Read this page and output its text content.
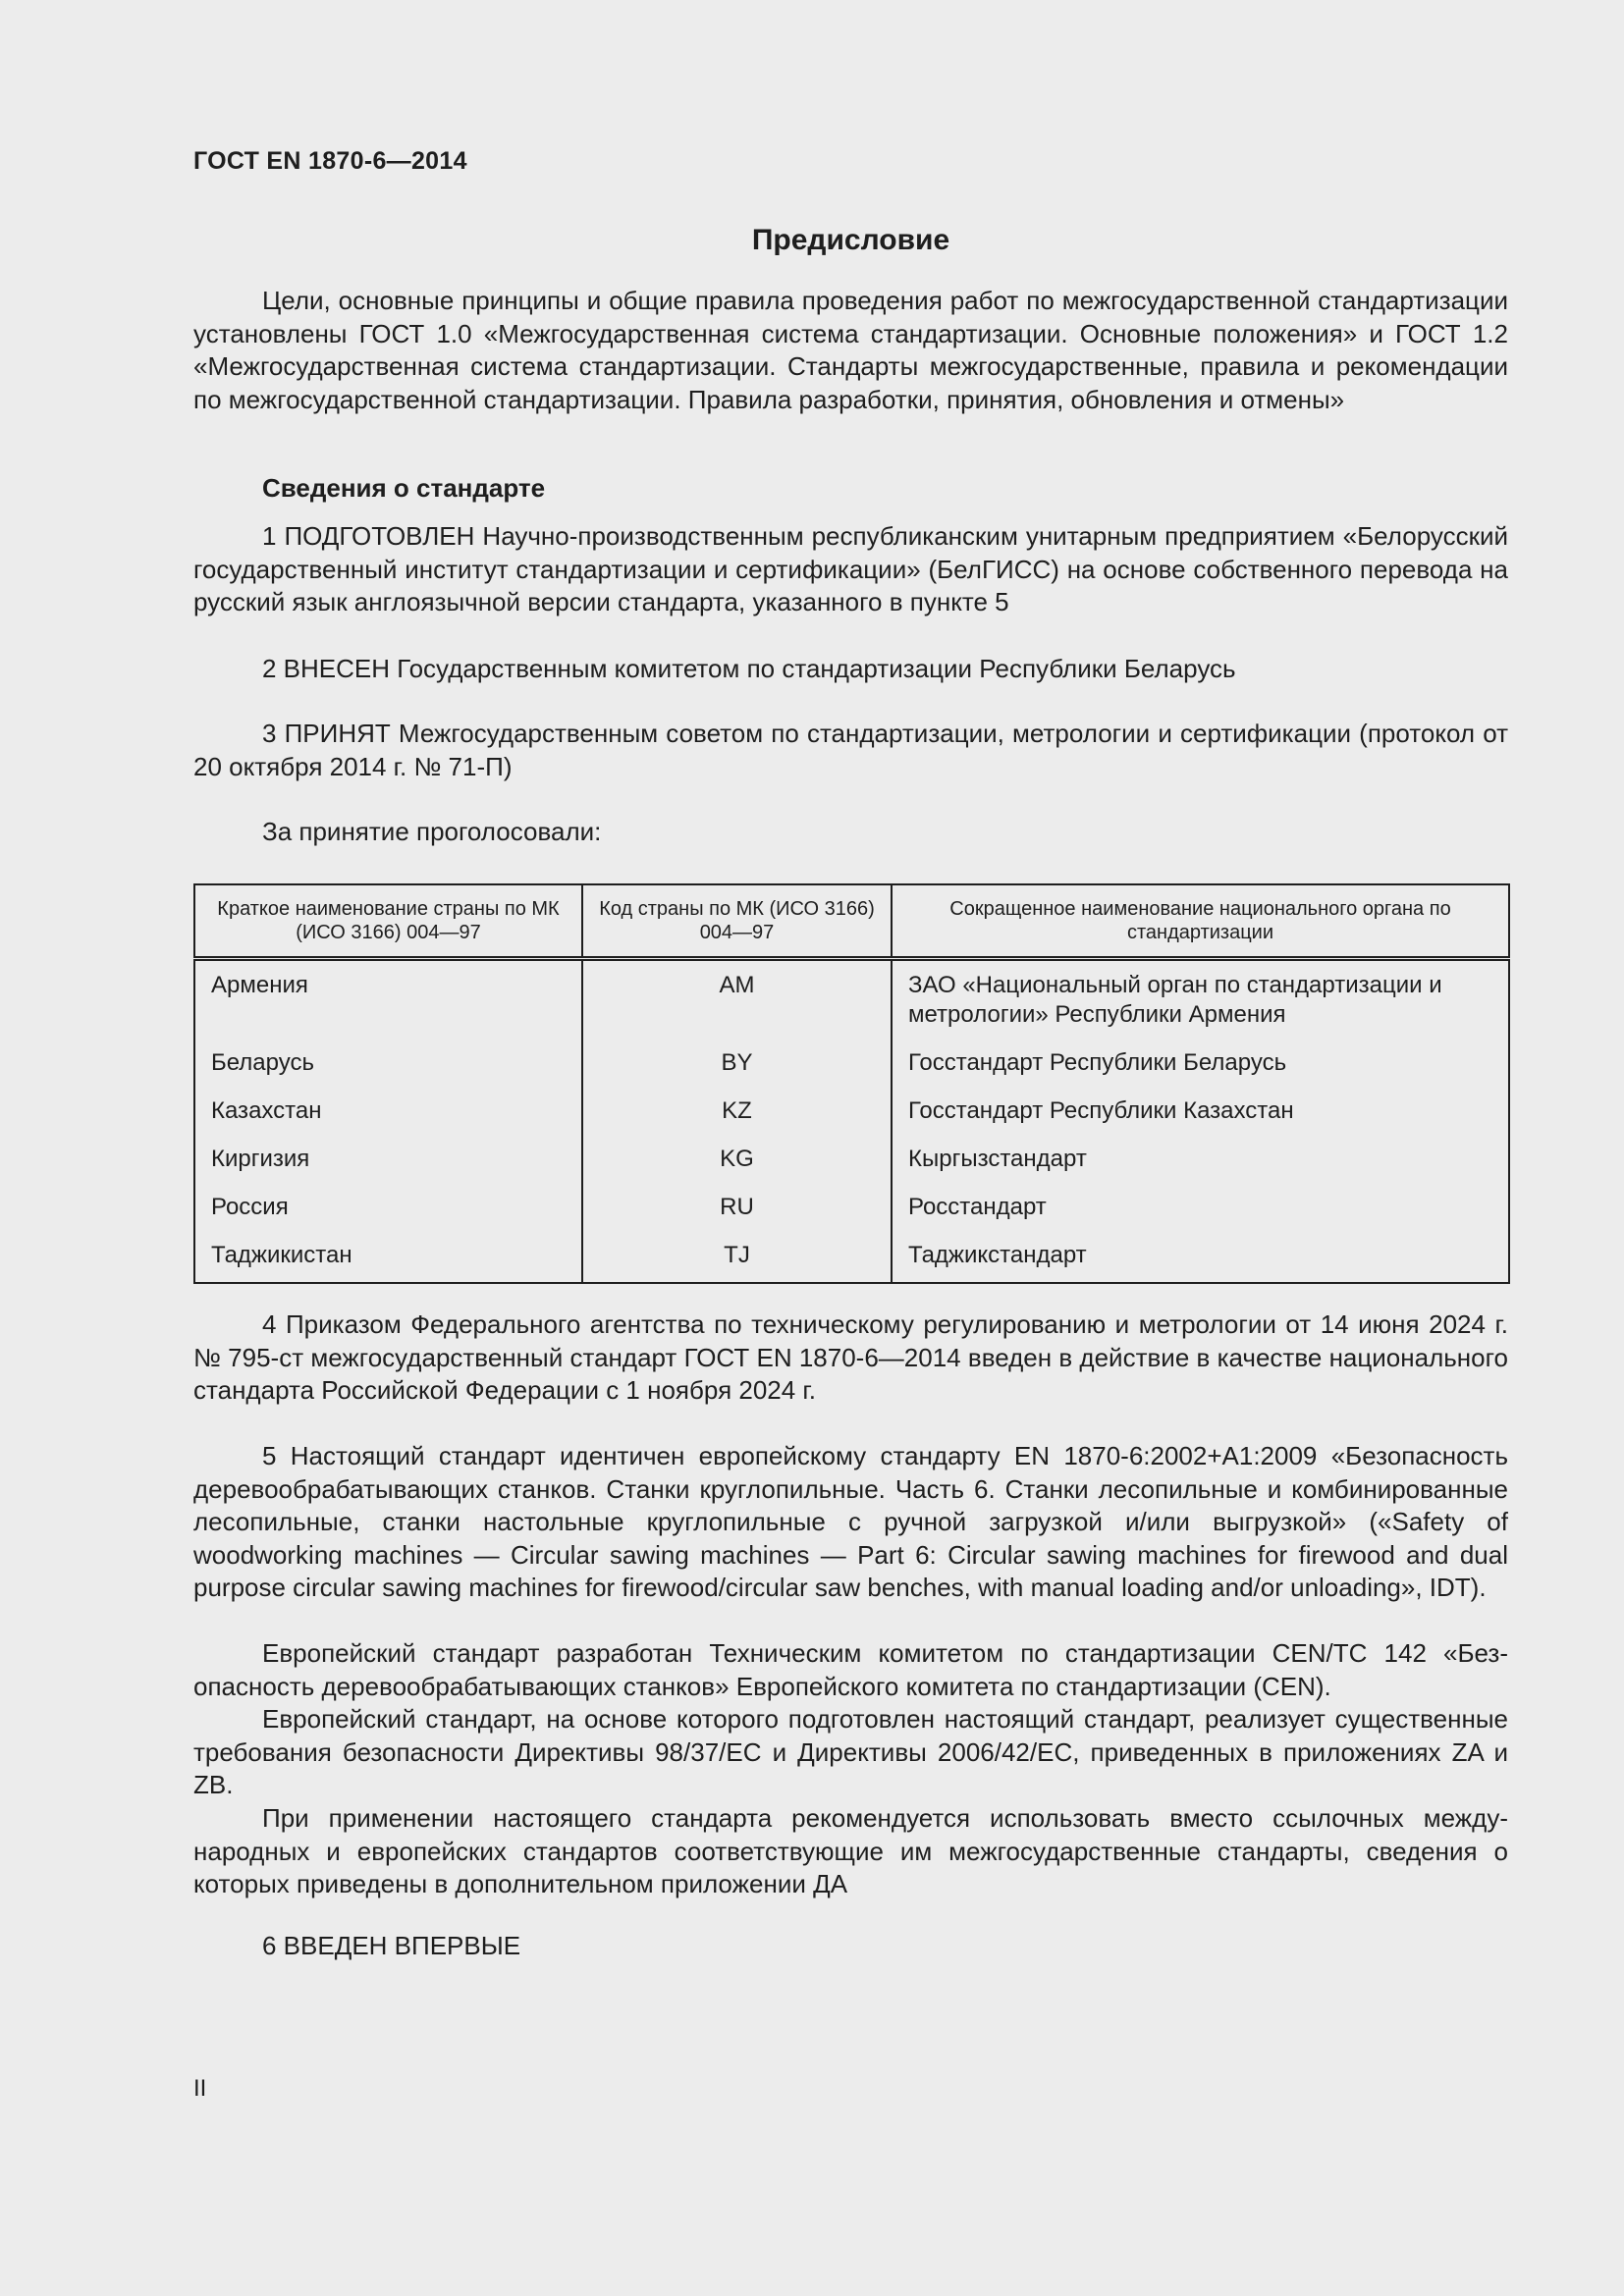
ГОСТ EN 1870-6—2014
Предисловие

Цели, основные принципы и общие правила проведения работ по межгосударственной стандартизации установлены ГОСТ 1.0 «Межгосударственная система стандартизации. Основные положения» и ГОСТ 1.2 «Межгосударственная система стандартизации. Стандарты межгосударственные, правила и рекомендации по межгосударственной стандартизации. Правила разработки, принятия, обновления и отмены»

Сведения о стандарте

1 ПОДГОТОВЛЕН Научно-производственным республиканским унитарным предприятием «Белорусский государственный институт стандартизации и сертификации» (БелГИСС) на основе собственного перевода на русский язык англоязычной версии стандарта, указанного в пункте 5

2 ВНЕСЕН Государственным комитетом по стандартизации Республики Беларусь

3 ПРИНЯТ Межгосударственным советом по стандартизации, метрологии и сертификации (протокол от 20 октября 2014 г. № 71-П)

За принятие проголосовали:

Краткое наименование страны по МК (ИСО 3166) 004—97	Код страны по МК (ИСО 3166) 004—97	Сокращенное наименование национального органа по стандартизации
Армения	AM	ЗАО «Национальный орган по стандартизации и метрологии» Республики Армения
Беларусь	BY	Госстандарт Республики Беларусь
Казахстан	KZ	Госстандарт Республики Казахстан
Киргизия	KG	Кыргызстандарт
Россия	RU	Росстандарт
Таджикистан	TJ	Таджикстандарт

4 Приказом Федерального агентства по техническому регулированию и метрологии от 14 июня 2024 г. № 795-ст межгосударственный стандарт ГОСТ EN 1870-6—2014 введен в действие в качестве национального стандарта Российской Федерации с 1 ноября 2024 г.

5 Настоящий стандарт идентичен европейскому стандарту EN 1870-6:2002+A1:2009 «Безопасность деревообрабатывающих станков. Станки круглопильные. Часть 6. Станки лесопильные и комбинированные лесопильные, станки настольные круглопильные с ручной загрузкой и/или выгрузкой» («Safety of woodworking machines — Circular sawing machines — Part 6: Circular sawing machines for firewood and dual purpose circular sawing machines for firewood/circular saw benches, with manual loading and/or unloading», IDT).

Европейский стандарт разработан Техническим комитетом по стандартизации CEN/TC 142 «Безопасность деревообрабатывающих станков» Европейского комитета по стандартизации (CEN).

Европейский стандарт, на основе которого подготовлен настоящий стандарт, реализует существенные требования безопасности Директивы 98/37/EC и Директивы 2006/42/EC, приведенных в приложениях ZA и ZB.

При применении настоящего стандарта рекомендуется использовать вместо ссылочных международных и европейских стандартов соответствующие им межгосударственные стандарты, сведения о которых приведены в дополнительном приложении ДА

6 ВВЕДЕН ВПЕРВЫЕ

II
